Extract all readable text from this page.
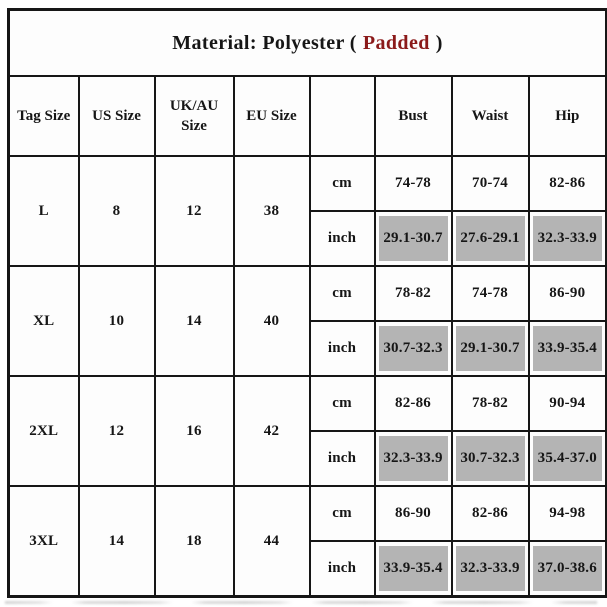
Material: Polyester ( Padded )							
Tag Size	US Size	UK/AU Size	EU Size		Bust	Waist	Hip
L	8	12	38	cm	74-78	70-74	82-86
				inch	29.1-30.7	27.6-29.1	32.3-33.9

XL	10	14	40	cm	78-82	74-78	86-90
				inch	30.7-32.3	29.1-30.7	33.9-35.4

2XL	12	16	42	cm	82-86	78-82	90-94
				inch	32.3-33.9	30.7-32.3	35.4-37.0

3XL	14	18	44	cm	86-90	82-86	94-98
				inch	33.9-35.4	32.3-33.9	37.0-38.6
